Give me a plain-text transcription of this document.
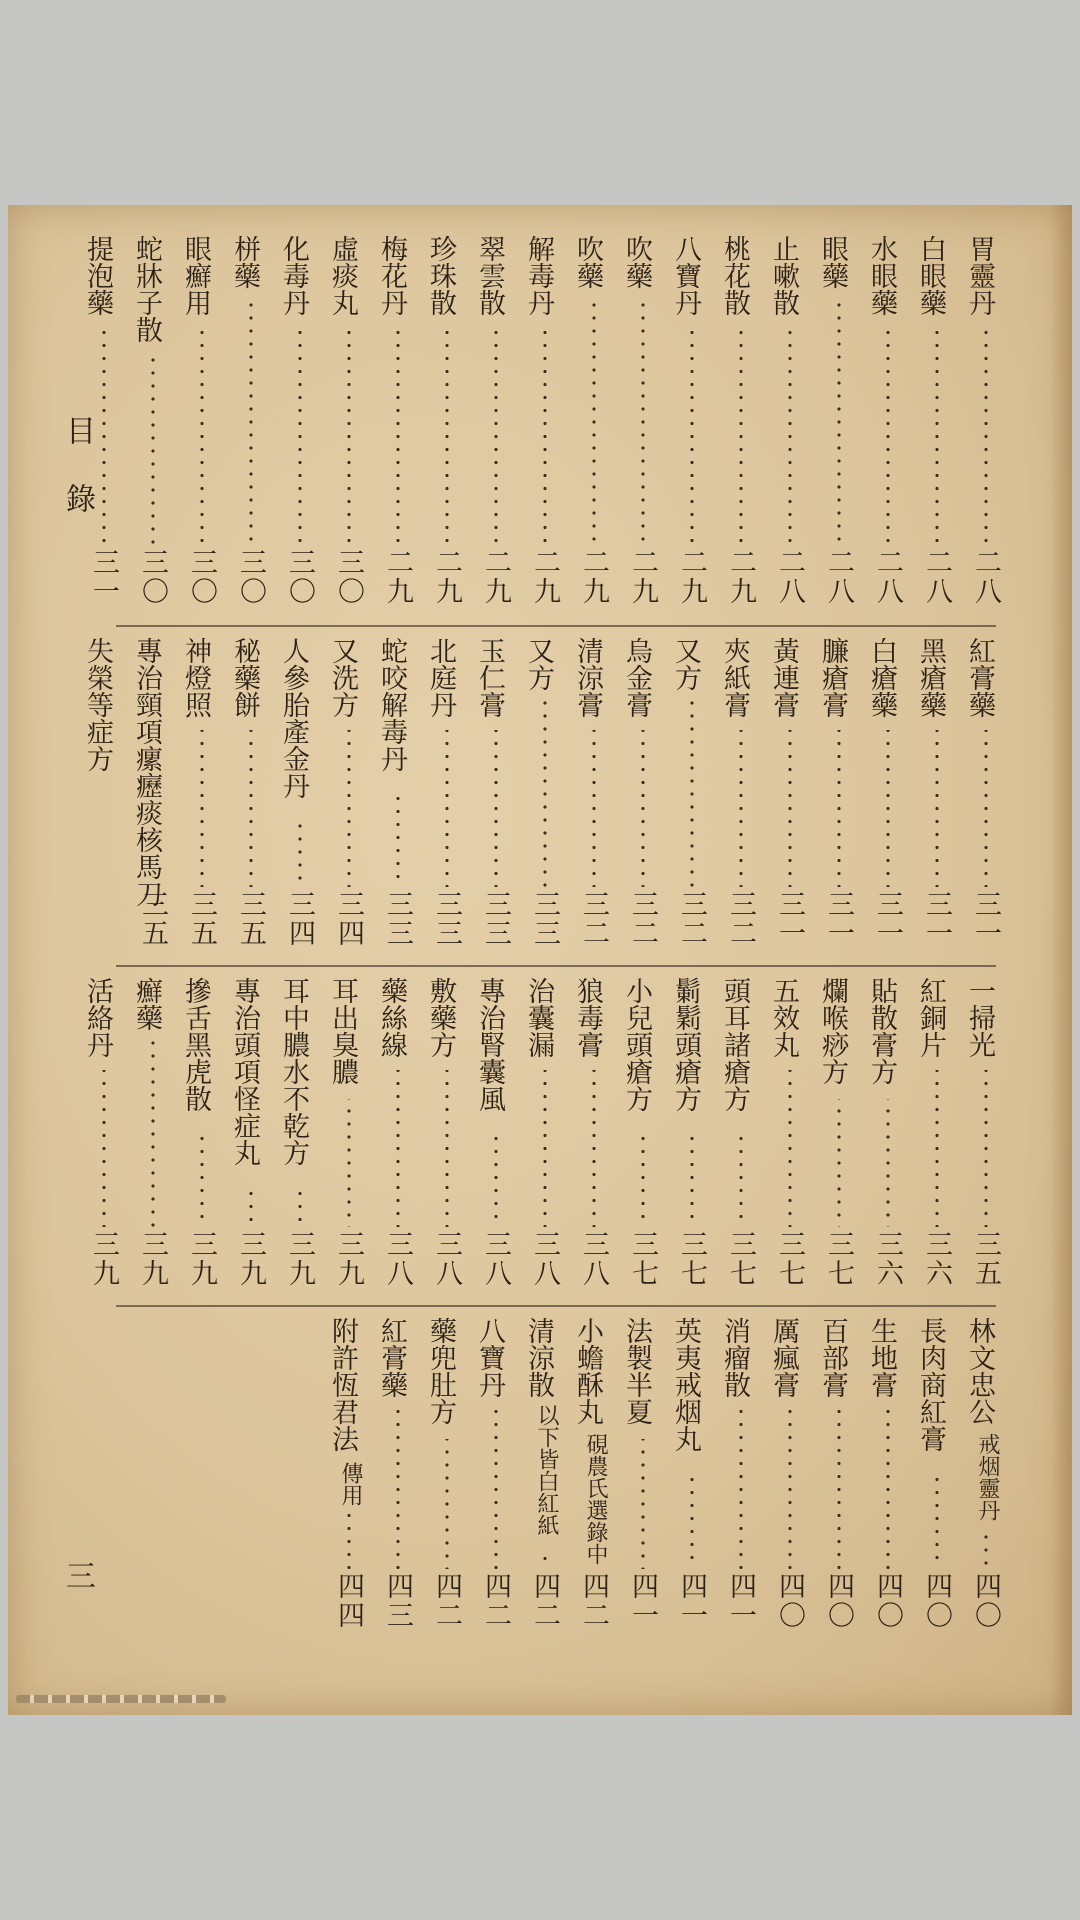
目錄
三
胃靈丹
二八
白眼藥
二八
水眼藥
二八
眼藥
二八
止嗽散
二八
桃花散
二九
八寶丹
二九
吹藥
二九
吹藥
二九
解毒丹
二九
翠雲散
二九
珍珠散
二九
梅花丹
二九
虛痰丸
三〇
化毒丹
三〇
栟藥
三〇
眼癬用
三〇
蛇牀子散
三〇
提泡藥
三一
紅膏藥
三一
黑瘡藥
三一
白瘡藥
三一
臁瘡膏
三一
黃連膏
三一
夾紙膏
三二
又方
三二
烏金膏
三二
清涼膏
三二
又方
三三
玉仁膏
三三
北庭丹
三三
蛇咬解毒丹
三三
又洗方
三四
人參胎產金丹
三四
秘藥餅
三五
神燈照
三五
專治頸項瘰癧痰核馬刀
三五
失榮等症方
一掃光
三五
紅銅片
三六
貼散膏方
三六
爛喉痧方
三七
五效丸
三七
頭耳諸瘡方
三七
鬎鬁頭瘡方
三七
小兒頭瘡方
三七
狼毒膏
三八
治囊漏
三八
專治腎囊風
三八
敷藥方
三八
藥絲線
三八
耳出臭膿
三九
耳中膿水不乾方
三九
專治頭項怪症丸
三九
摻舌黑虎散
三九
癬藥
三九
活絡丹
三九
林文忠公
戒烟靈丹
四〇
長肉商紅膏
四〇
生地膏
四〇
百部膏
四〇
厲瘋膏
四〇
消瘤散
四一
英夷戒烟丸
四一
法製半夏
四一
小蟾酥丸
硯農氏選錄中
四二
清涼散
以下皆白紅紙
四二
八寶丹
四二
藥兜肚方
四二
紅膏藥
四三
附許恆君法
傳用
四四
